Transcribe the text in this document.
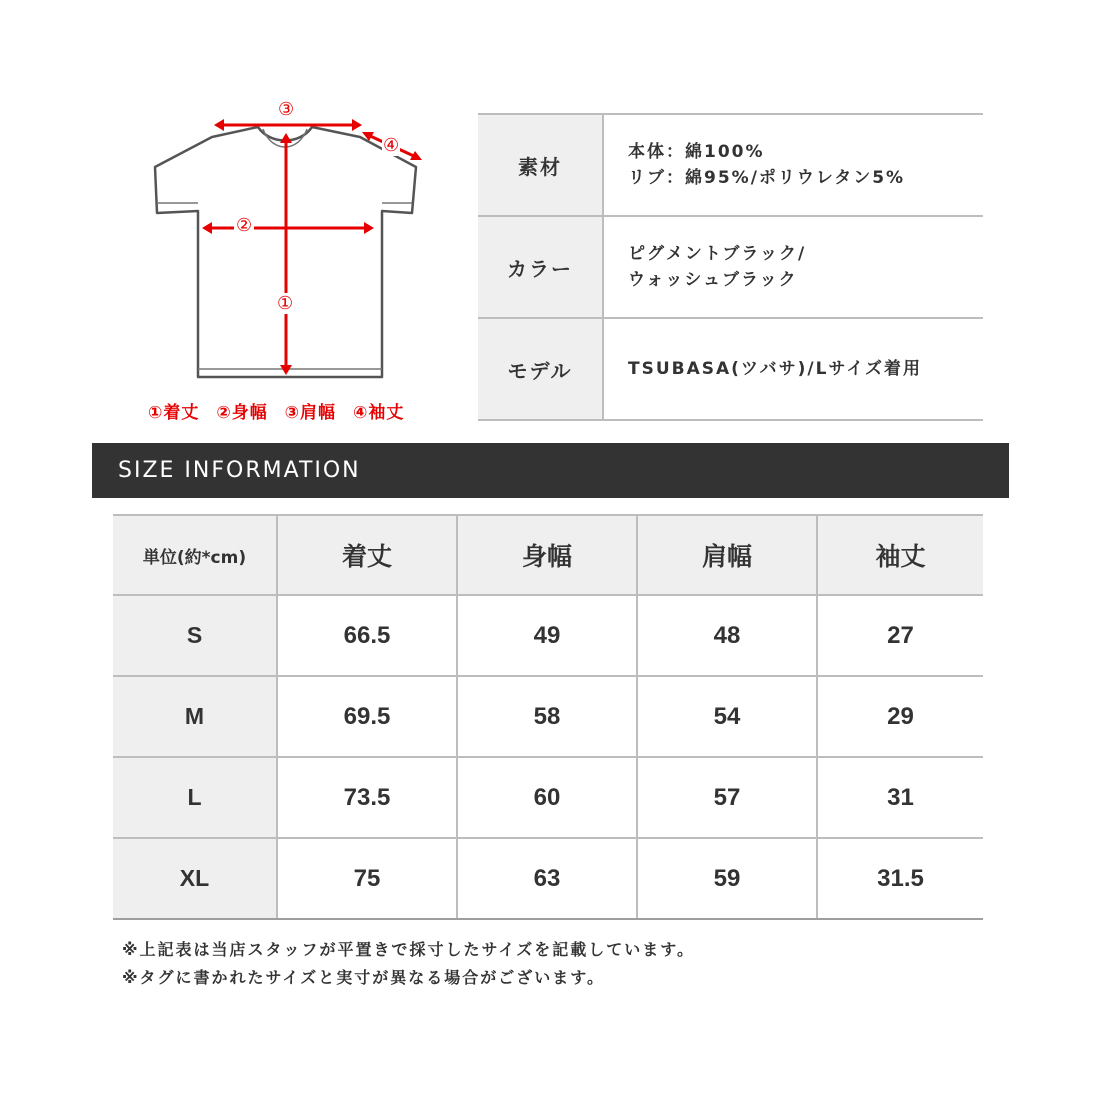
③
④
②
①
①着丈 ②身幅 ③肩幅 ④袖丈
素材	本体：綿100%
リブ：綿95%/ポリウレタン5%

カラー	ピグメントブラック/
ウォッシュブラック

モデル	TSUBASA(ツバサ)/Lサイズ着用
SIZE INFORMATION
単位(約*cm)	着丈	身幅	肩幅	袖丈
S	66.5	49	48	27
M	69.5	58	54	29
L	73.5	60	57	31
XL	75	63	59	31.5
※上記表は当店スタッフが平置きで採寸したサイズを記載しています。
※タグに書かれたサイズと実寸が異なる場合がございます。
